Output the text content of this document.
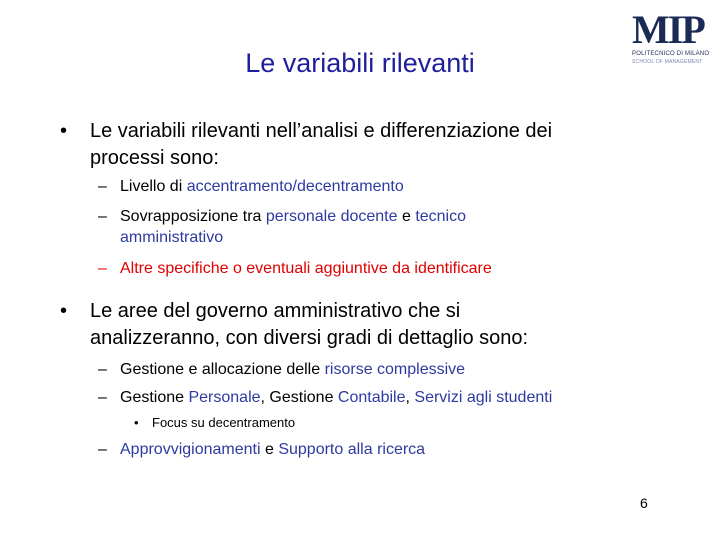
Le variabili rilevanti
MIP
POLITECNICO DI MILANO
SCHOOL OF MANAGEMENT
• Le variabili rilevanti nell’analisi e differenziazione dei
processi sono:
– Livello di accentramento/decentramento
– Sovrapposizione tra personale docente e tecnico
amministrativo
– Altre specifiche o eventuali aggiuntive da identificare
• Le aree del governo amministrativo che si
analizzeranno, con diversi gradi di dettaglio sono:
– Gestione e allocazione delle risorse complessive
– Gestione Personale, Gestione Contabile, Servizi agli studenti
• Focus su decentramento
– Approvvigionamenti e Supporto alla ricerca
6
